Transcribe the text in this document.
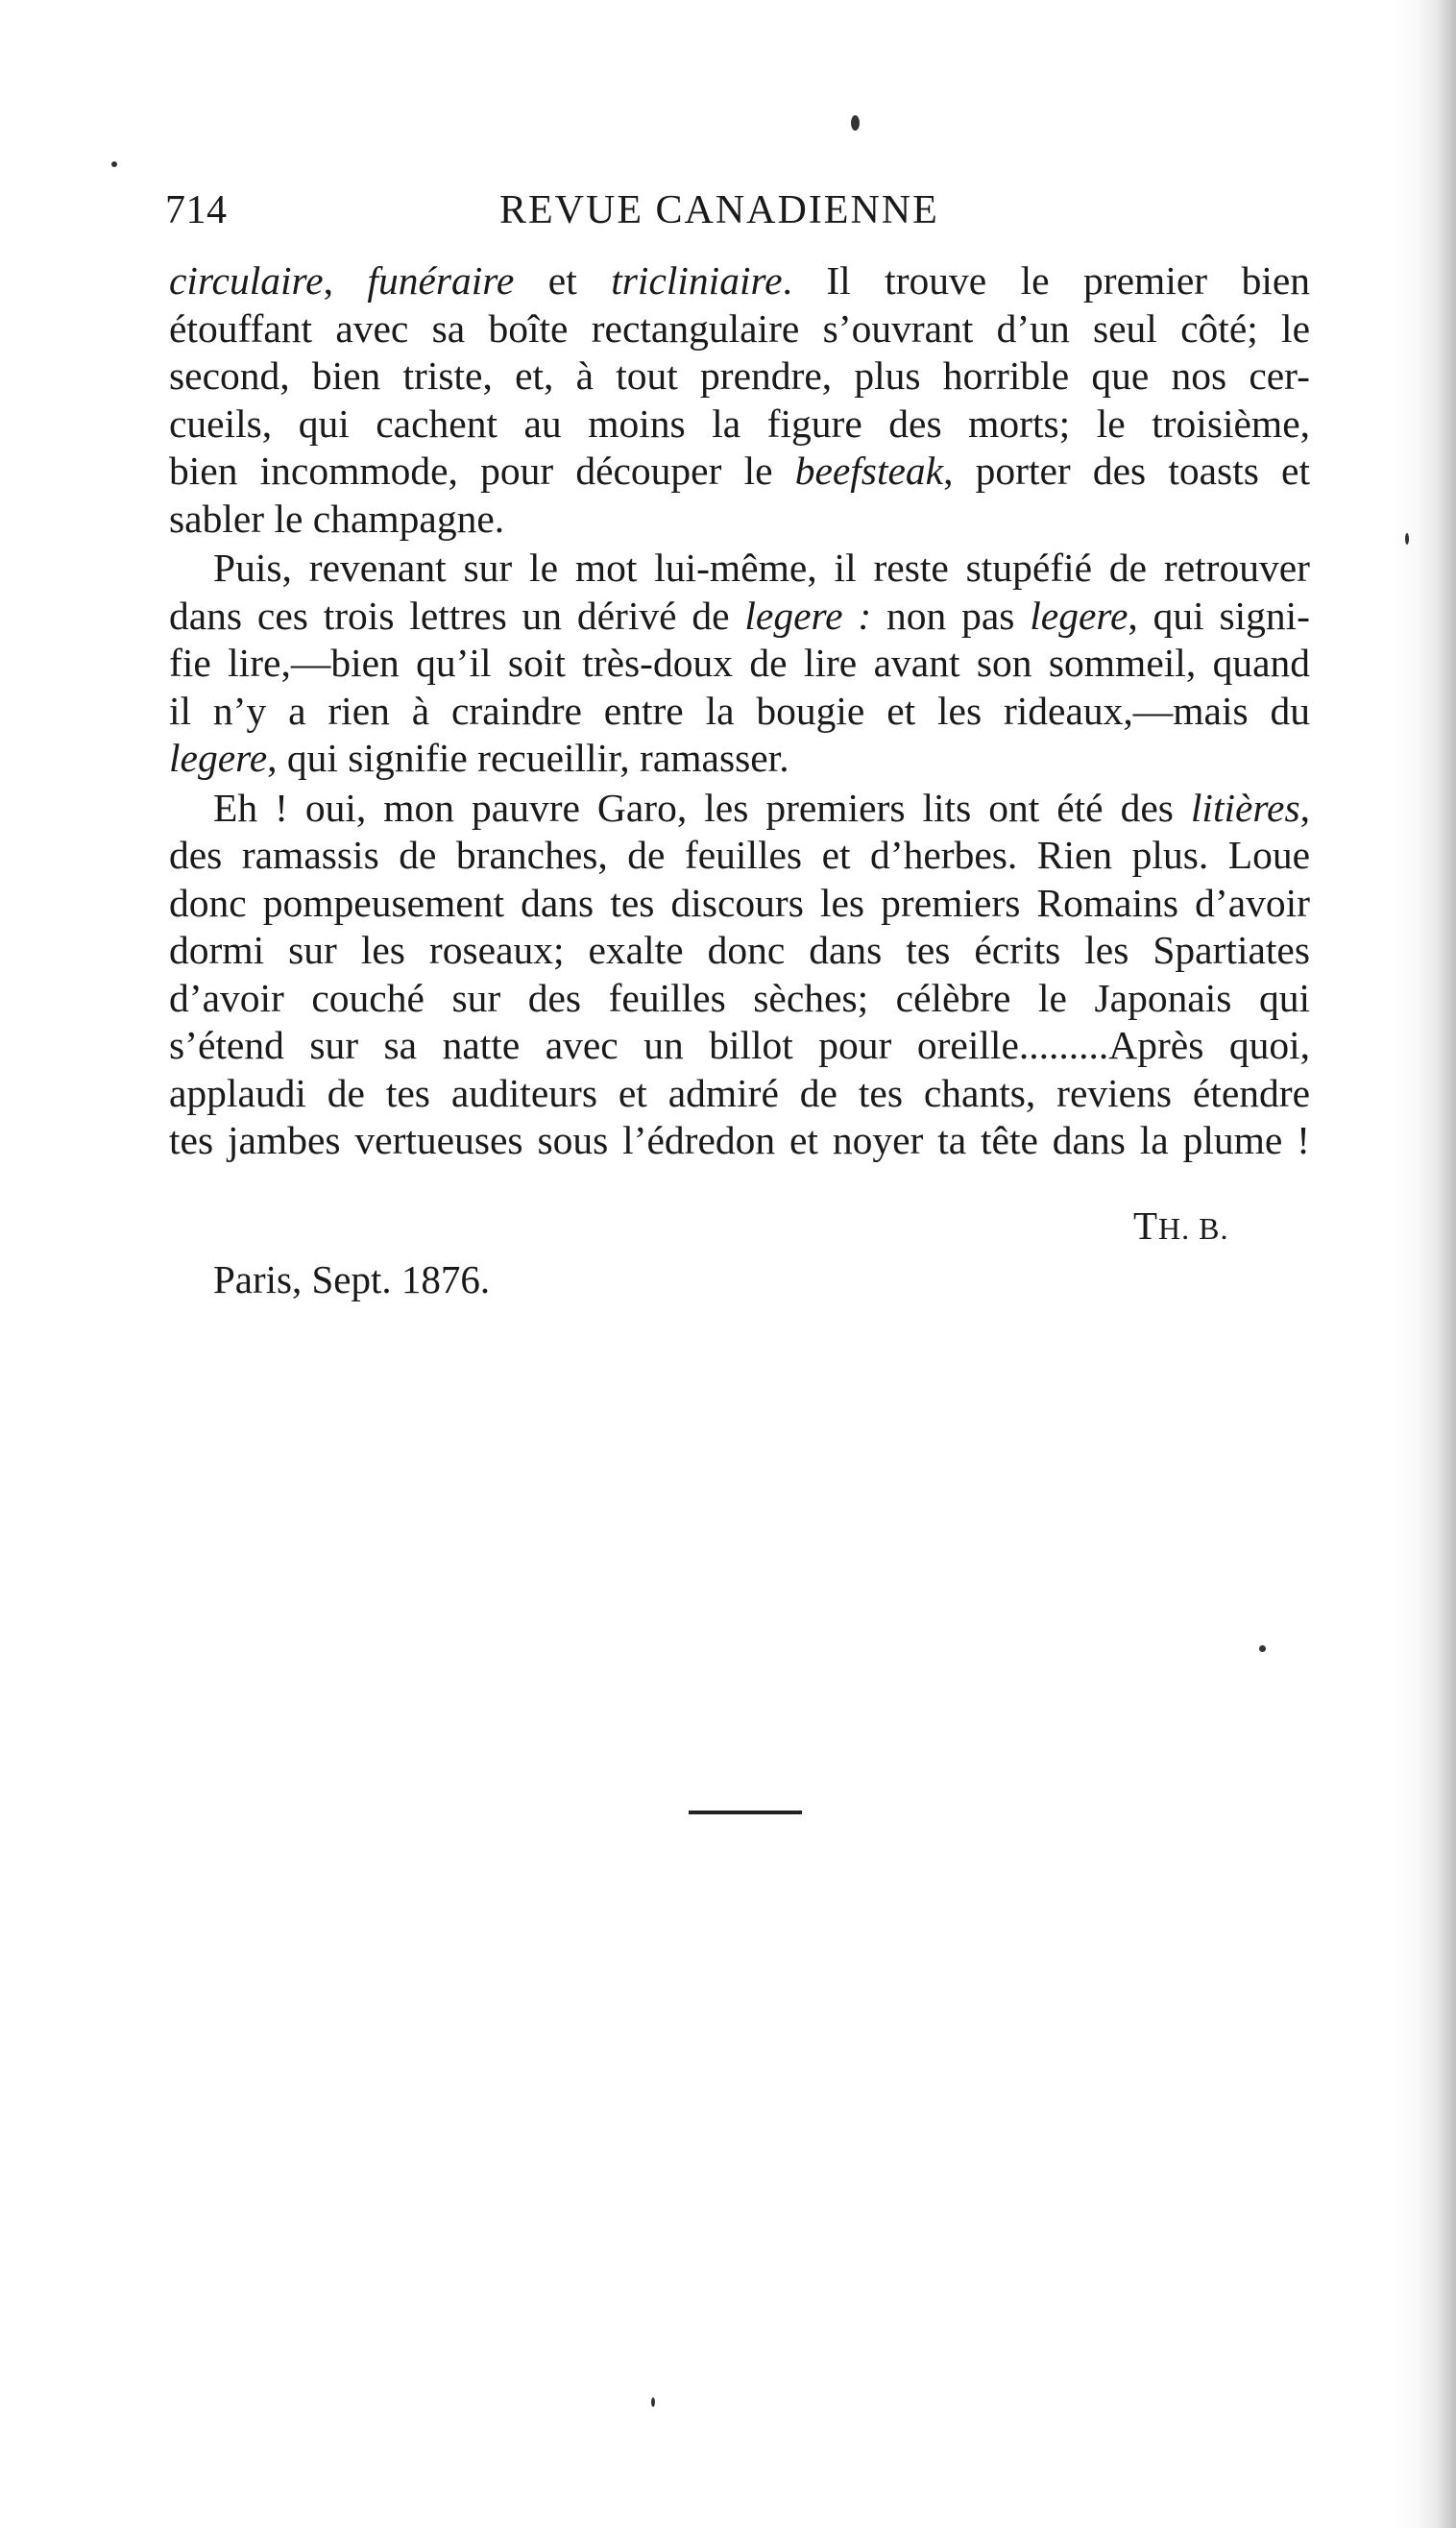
714	REVUE CANADIENNE
circulaire, funéraire et tricliniaire. Il trouve le premier bien
étouffant avec sa boîte rectangulaire s’ouvrant d’un seul côté; le
second, bien triste, et, à tout prendre, plus horrible que nos cer-
cueils, qui cachent au moins la figure des morts; le troisième,
bien incommode, pour découper le beefsteak, porter des toasts et
sabler le champagne.
Puis, revenant sur le mot lui-même, il reste stupéfié de retrouver
dans ces trois lettres un dérivé de legere : non pas legere, qui signi-
fie lire,—bien qu’il soit très-doux de lire avant son sommeil, quand
il n’y a rien à craindre entre la bougie et les rideaux,—mais du
legere, qui signifie recueillir, ramasser.
Eh ! oui, mon pauvre Garo, les premiers lits ont été des litières,
des ramassis de branches, de feuilles et d’herbes. Rien plus. Loue
donc pompeusement dans tes discours les premiers Romains d’avoir
dormi sur les roseaux; exalte donc dans tes écrits les Spartiates
d’avoir couché sur des feuilles sèches; célèbre le Japonais qui
s’étend sur sa natte avec un billot pour oreille.........Après quoi,
applaudi de tes auditeurs et admiré de tes chants, reviens étendre
tes jambes vertueuses sous l’édredon et noyer ta tête dans la plume !
TH. B.
Paris, Sept. 1876.
